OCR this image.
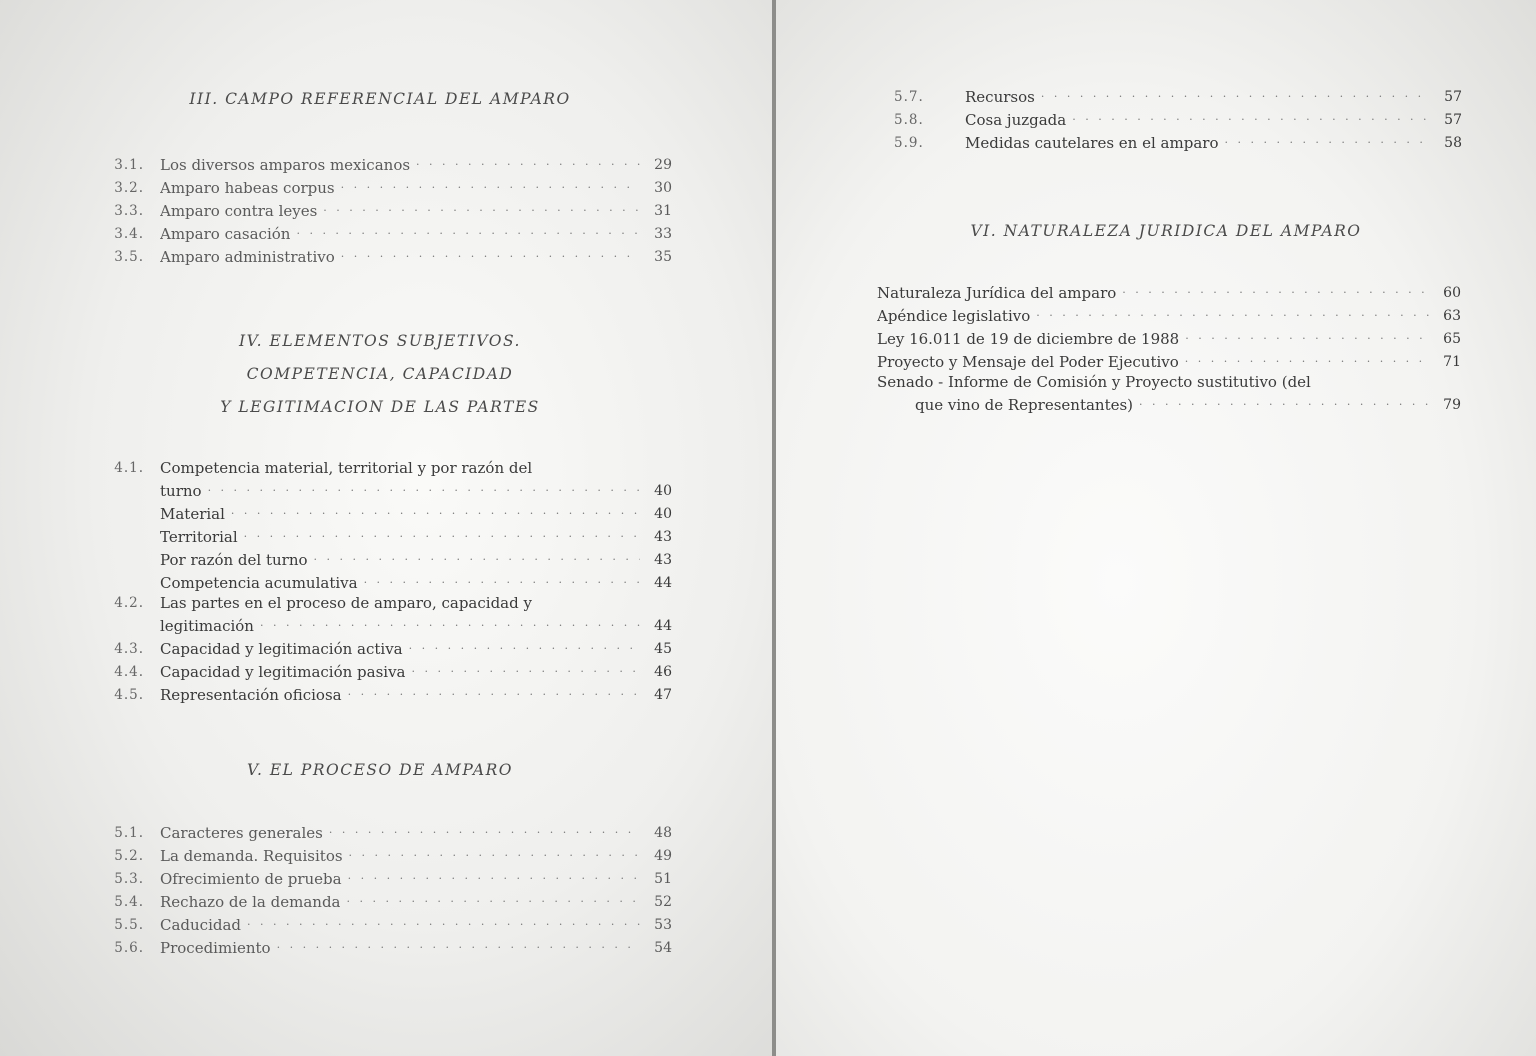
III. CAMPO REFERENCIAL DEL AMPARO
3.1.	Los diversos amparos mexicanos . . .	29
3.2.	Amparo habeas corpus . . .	30
3.3.	Amparo contra leyes . . .	31
3.4.	Amparo casación . . .	33
3.5.	Amparo administrativo . . .	35
IV. ELEMENTOS SUBJETIVOS.
COMPETENCIA, CAPACIDAD
Y LEGITIMACION DE LAS PARTES
4.1.	Competencia material, territorial y por razón del
turno . . .	40
Material . . .	40
Territorial . . .	43
Por razón del turno . . .	43
Competencia acumulativa . . .	44
4.2.	Las partes en el proceso de amparo, capacidad y
legitimación . . .	44
4.3.	Capacidad y legitimación activa . . .	45
4.4.	Capacidad y legitimación pasiva . . .	46
4.5.	Representación oficiosa . . .	47
V. EL PROCESO DE AMPARO
5.1.	Caracteres generales . . .	48
5.2.	La demanda. Requisitos . . .	49
5.3.	Ofrecimiento de prueba . . .	51
5.4.	Rechazo de la demanda . . .	52
5.5.	Caducidad . . .	53
5.6.	Procedimiento . . .	54
5.7.	Recursos . . .	57
5.8.	Cosa juzgada . . .	57
5.9.	Medidas cautelares en el amparo . . .	58
VI. NATURALEZA JURIDICA DEL AMPARO
Naturaleza Jurídica del amparo . . .	60
Apéndice legislativo . . .	63
Ley 16.011 de 19 de diciembre de 1988 . . .	65
Proyecto y Mensaje del Poder Ejecutivo . . .	71
Senado - Informe de Comisión y Proyecto sustitutivo (del
que vino de Representantes) . . .	79
